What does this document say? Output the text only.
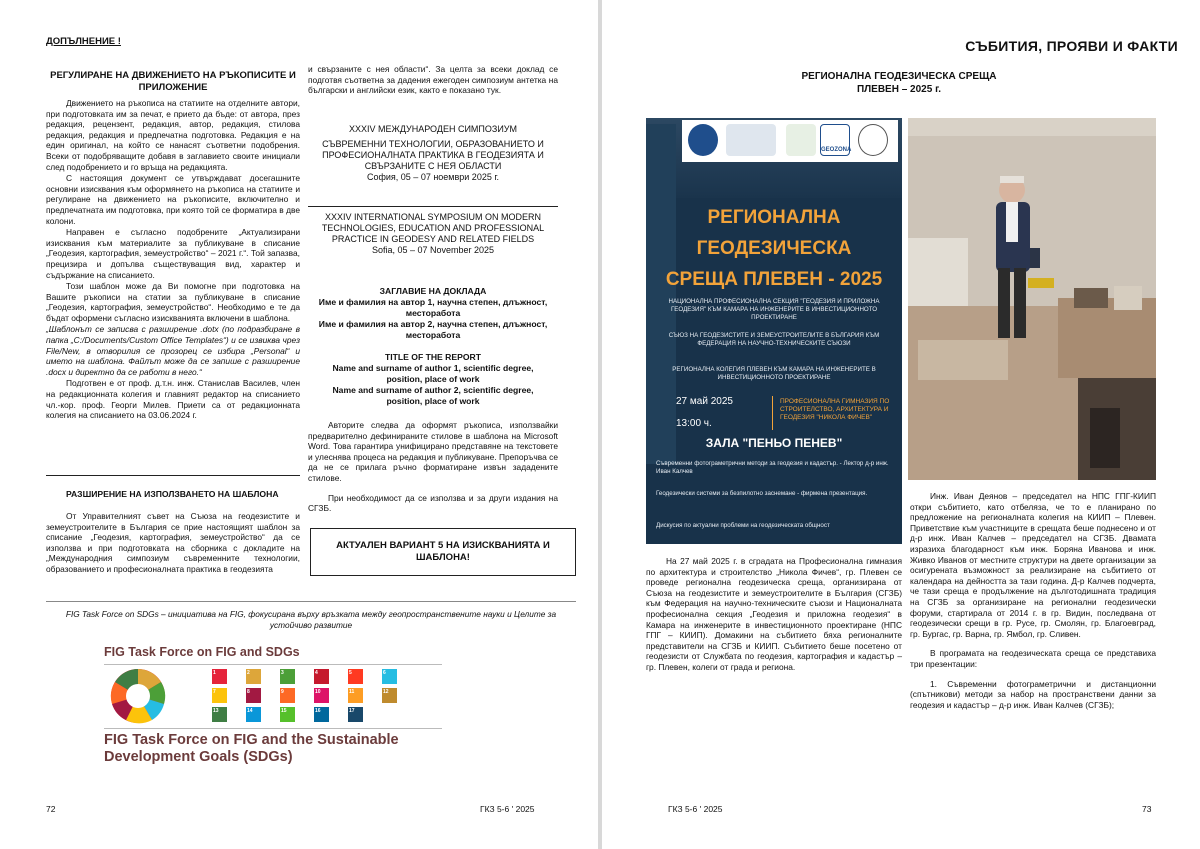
ДОПЪЛНЕНИЕ !
РЕГУЛИРАНЕ НА ДВИЖЕНИЕТО НА РЪКОПИСИТЕ И ПРИЛОЖЕНИЕ

Движението на ръкописа на статиите на отделните автори, при подготовката им за печат, е прието да бъде: от автора, през редакция, рецензент, редакция, автор, редакция, стилова редакция, редакция и предпечатна подготовка. Редакция е на един оригинал, на който се нанасят съответни подобрения. Всеки от подобряващите добавя в заглавието своите инициали след подобрението и го връща на редакцията.

С настоящия документ се утвърждават досегашните основни изисквания към оформянето на ръкописа на статиите и регулиране на движението на ръкописите, включително и предпечатната им подготовка, при която той се форматира в две колони.

Направен е съгласно подобрените „Актуализирани изисквания към материалите за публикуване в списание „Геодезия, картография, земеустройство“ – 2021 г.“. Той запазва, прецизира и допълва съществуващия вид, характер и съдържание на списанието.

Този шаблон може да Ви помогне при подготовка на Вашите ръкописи на статии за публикуване в списание „Геодезия, картография, земеустройство“. Необходимо е те да бъдат оформени съгласно изискванията включени в шаблона.

„Шаблонът се записва с разширение .dotx (по подразбиране в папка „C:/Documents/Custom Office Templates“) и се извиква чрез File/New, в отворилия се прозорец се избира „Personal“ и името на шаблона. Файлът може да се запише с разширение .docx и директно да се работи в него.“

Подготвен е от проф. д.т.н. инж. Станислав Василев, член на редакционната колегия и главният редактор на списанието чл.-кор. проф. Георги Милев. Приети са от редакционната колегия на списанието на 03.06.2024 г.

РАЗШИРЕНИЕ НА ИЗПОЛЗВАНЕТО НА ШАБЛОНА

От Управителният съвет на Съюза на геодезистите и земеустроителите в България се прие настоящият шаблон за списание „Геодезия, картография, земеустройство“ да се използва и при подготовката на сборника с докладите на „Международния симпозиум съвременните технологии, образованието и професионалната практика в геодезията

и свързаните с нея области“. За целта за всеки доклад се подготвя съответна за дадения ежегоден симпозиум антетка на български и английски език, както е показано тук.
XXXIV МЕЖДУНАРОДЕН СИМПОЗИУМ
СЪВРЕМЕННИ ТЕХНОЛОГИИ, ОБРАЗОВАНИЕТО И ПРОФЕСИОНАЛНАТА ПРАКТИКА В ГЕОДЕЗИЯТА И СВЪРЗАНИТЕ С НЕЯ ОБЛАСТИ
София, 05 – 07 ноември 2025 г.
XXXIV INTERNATIONAL SYMPOSIUM ON MODERN TECHNOLOGIES, EDUCATION AND PROFESSIONAL PRACTICE IN GEODESY AND RELATED FIELDS
Sofia, 05 – 07 November 2025
ЗАГЛАВИЕ НА ДОКЛАДА
Име и фамилия на автор 1, научна степен, длъжност, месторабота
Име и фамилия на автор 2, научна степен, длъжност, месторабота
TITLE OF THE REPORT
Name and surname of author 1, scientific degree, position, place of work
Name and surname of author 2, scientific degree, position, place of work

Авторите следва да оформят ръкописа, използвайки предварително дефинираните стилове в шаблона на Microsoft Word. Това гарантира унифицирано представяне на текстовете и улеснява процеса на редакция и публикуване. Препоръчва се да не се прилага ръчно форматиране извън зададените стилове.

При необходимост да се използва и за други издания на СГЗБ.

АКТУАЛЕН ВАРИАНТ 5 НА ИЗИСКВАНИЯТА И ШАБЛОНА!
FIG Task Force on SDGs – инициатива на FIG, фокусирана върху връзката между геопространствените науки и Целите за устойчиво развитие
FIG Task Force on FIG and SDGs
1	2	3	4	5	6
7	8	9	10	11	12
13	14	15	16	17
FIG Task Force on FIG and the Sustainable
Development Goals (SDGs)
72	ГКЗ 5-6 ' 2025
СЪБИТИЯ, ПРОЯВИ И ФАКТИ
РЕГИОНАЛНА ГЕОДЕЗИЧЕСКА СРЕЩА
ПЛЕВЕН – 2025 г.
GEOZONA
РЕГИОНАЛНА
ГЕОДЕЗИЧЕСКА
СРЕЩА ПЛЕВЕН - 2025
НАЦИОНАЛНА ПРОФЕСИОНАЛНА СЕКЦИЯ "ГЕОДЕЗИЯ И ПРИЛОЖНА ГЕОДЕЗИЯ" КЪМ КАМАРА НА ИНЖЕНЕРИТЕ В ИНВЕСТИЦИОННОТО ПРОЕКТИРАНЕ
СЪЮЗ НА ГЕОДЕЗИСТИТЕ И ЗЕМЕУСТРОИТЕЛИТЕ В БЪЛГАРИЯ КЪМ ФЕДЕРАЦИЯ НА НАУЧНО-ТЕХНИЧЕСКИТЕ СЪЮЗИ
РЕГИОНАЛНА КОЛЕГИЯ ПЛЕВЕН КЪМ КАМАРА НА ИНЖЕНЕРИТЕ В ИНВЕСТИЦИОННОТО ПРОЕКТИРАНЕ
27 май 2025
13:00 ч.
ПРОФЕСИОНАЛНА ГИМНАЗИЯ ПО СТРОИТЕЛСТВО, АРХИТЕКТУРА И ГЕОДЕЗИЯ "НИКОЛА ФИЧЕВ"
ЗАЛА "ПЕНЬО ПЕНЕВ"
Съвременни фотограметрични методи за геодезия и кадастър. - Лектор д-р инж. Иван Калчев
Геодезически системи за безпилотно заснемане - фирмена презентация.
Дискусия по актуални проблеми на геодезическата общност

На 27 май 2025 г. в сградата на Професионална гимназия по архитектура и строителство „Никола Фичев“, гр. Плевен се проведе регионална геодезическа среща, организирана от Съюза на геодезистите и земеустроителите в България (СГЗБ) към Федерация на научно-техническите съюзи и Националната професионална секция „Геодезия и приложна геодезия“ в Камара на инженерите в инвестиционното проектиране (НПС ГПГ – КИИП). Домакини на събитието бяха регионалните представители на СГЗБ и КИИП. Събитието беше посетено от геодезисти от Службата по геодезия, картография и кадастър – гр. Плевен, колеги от града и региона.

Инж. Иван Деянов – председател на НПС ГПГ-КИИП откри събитието, като отбеляза, че то е планирано по предложение на регионалната колегия на КИИП – Плевен. Приветствие към участниците в срещата беше поднесено и от д-р инж. Иван Калчев – председател на СГЗБ. Двамата изразиха благодарност към инж. Боряна Иванова и инж. Живко Иванов от местните структури на двете организации за осигурената възможност за реализиране на събитието от календара на дейността за тази година. Д-р Калчев подчерта, че тази среща е продължение на дълготодишната традиция на СГЗБ за организиране на регионални геодезически форуми, стартирала от 2014 г. в гр. Видин, последвана от геодезически срещи в гр. Русе, гр. Смолян, гр. Благоевград, гр. Бургас, гр. Варна, гр. Ямбол, гр. Сливен.

В програмата на геодезическата среща се представиха три презентации:

1. Съвременни фотограметрични и дистанционни (спътникови) методи за набор на пространствени данни за геодезия и кадастър – д-р инж. Иван Калчев (СГЗБ);

ГКЗ 5-6 ' 2025	73
